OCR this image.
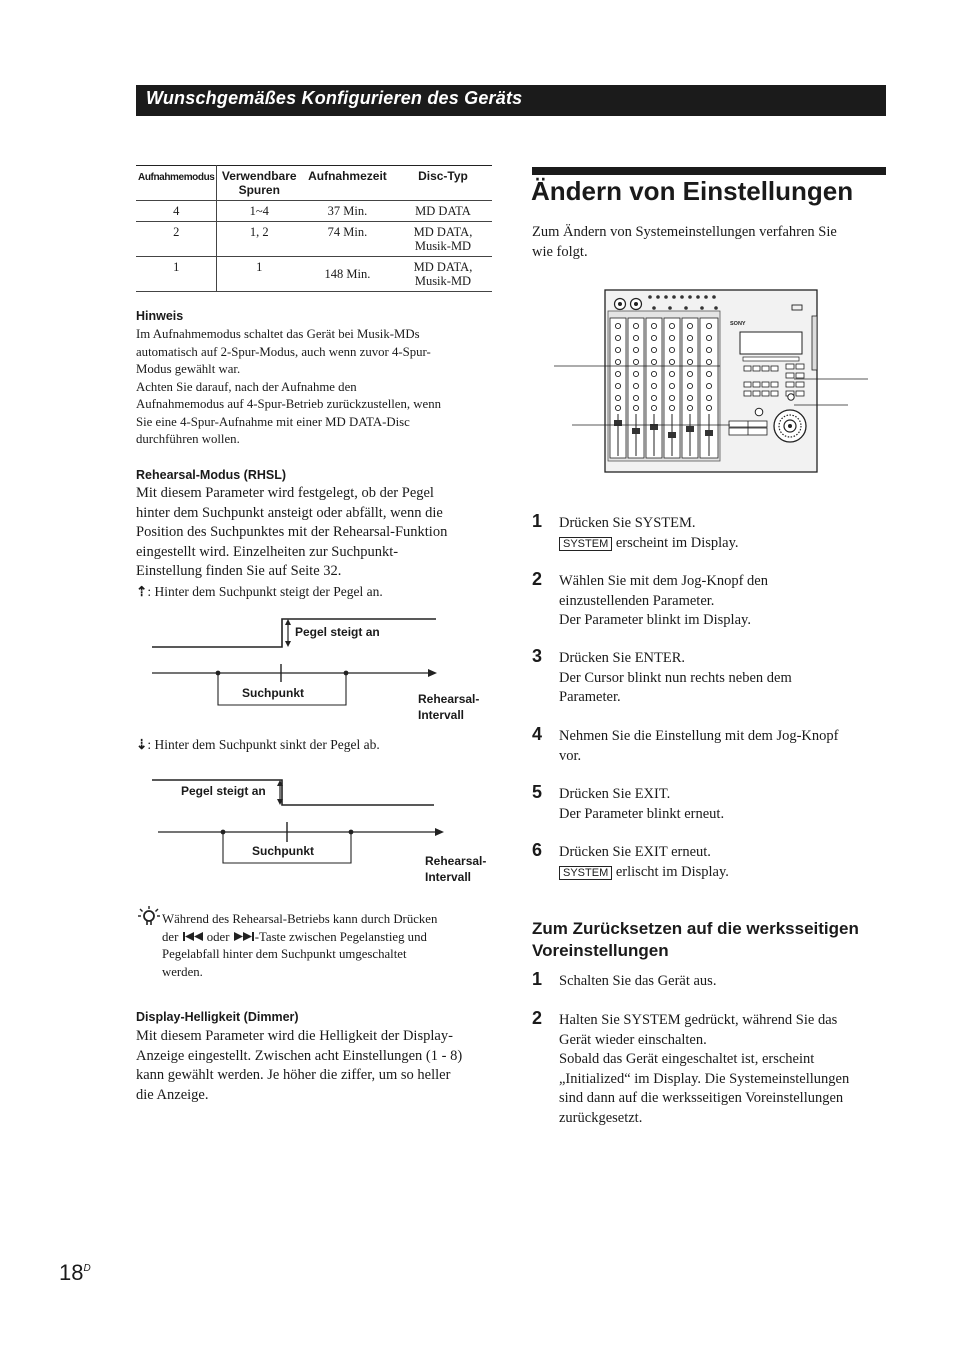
Wunschgemäßes Konfigurieren des Geräts
Aufnahmemodus	Verwendbare Spuren	Aufnahmezeit	Disc-Typ
4	1~4	37 Min.	MD DATA
2	1, 2	74 Min.	MD DATA, Musik-MD
1	1	148 Min.	MD DATA, Musik-MD
Hinweis
Im Aufnahmemodus schaltet das Gerät bei Musik-MDs
automatisch auf 2-Spur-Modus, auch wenn zuvor 4-Spur-
Modus gewählt war.
Achten Sie darauf, nach der Aufnahme den
Aufnahmemodus auf 4-Spur-Betrieb zurückzustellen, wenn
Sie eine 4-Spur-Aufnahme mit einer MD DATA-Disc
durchführen wollen.
Rehearsal-Modus (RHSL)
Mit diesem Parameter wird festgelegt, ob der Pegel
hinter dem Suchpunkt ansteigt oder abfällt, wenn die
Position des Suchpunktes mit der Rehearsal-Funktion
eingestellt wird. Einzelheiten zur Suchpunkt-
Einstellung finden Sie auf Seite 32.
⇡: Hinter dem Suchpunkt steigt der Pegel an.
Pegel steigt an
Suchpunkt	Rehearsal-
Intervall
⇣: Hinter dem Suchpunkt sinkt der Pegel ab.
Pegel steigt an
Suchpunkt
Rehearsal-
Intervall
Während des Rehearsal-Betriebs kann durch Drücken
der oder -Taste zwischen Pegelanstieg und
Pegelabfall hinter dem Suchpunkt umgeschaltet
werden.
Display-Helligkeit (Dimmer)
Mit diesem Parameter wird die Helligkeit der Display-
Anzeige eingestellt. Zwischen acht Einstellungen (1 - 8)
kann gewählt werden. Je höher die ziffer, um so heller
die Anzeige.
Ändern von Einstellungen
Zum Ändern von Systemeinstellungen verfahren Sie
wie folgt.
SONY
1 Drücken Sie SYSTEM.
SYSTEM erscheint im Display.
2 Wählen Sie mit dem Jog-Knopf den
einzustellenden Parameter.
Der Parameter blinkt im Display.
3 Drücken Sie ENTER.
Der Cursor blinkt nun rechts neben dem
Parameter.
4 Nehmen Sie die Einstellung mit dem Jog-Knopf
vor.
5 Drücken Sie EXIT.
Der Parameter blinkt erneut.
6 Drücken Sie EXIT erneut.
SYSTEM erlischt im Display.
Zum Zurücksetzen auf die werksseitigen
Voreinstellungen
1 Schalten Sie das Gerät aus.
2 Halten Sie SYSTEM gedrückt, während Sie das
Gerät wieder einschalten.
Sobald das Gerät eingeschaltet ist, erscheint
„Initialized“ im Display. Die Systemeinstellungen
sind dann auf die werksseitigen Voreinstellungen
zurückgesetzt.
$18^D$
